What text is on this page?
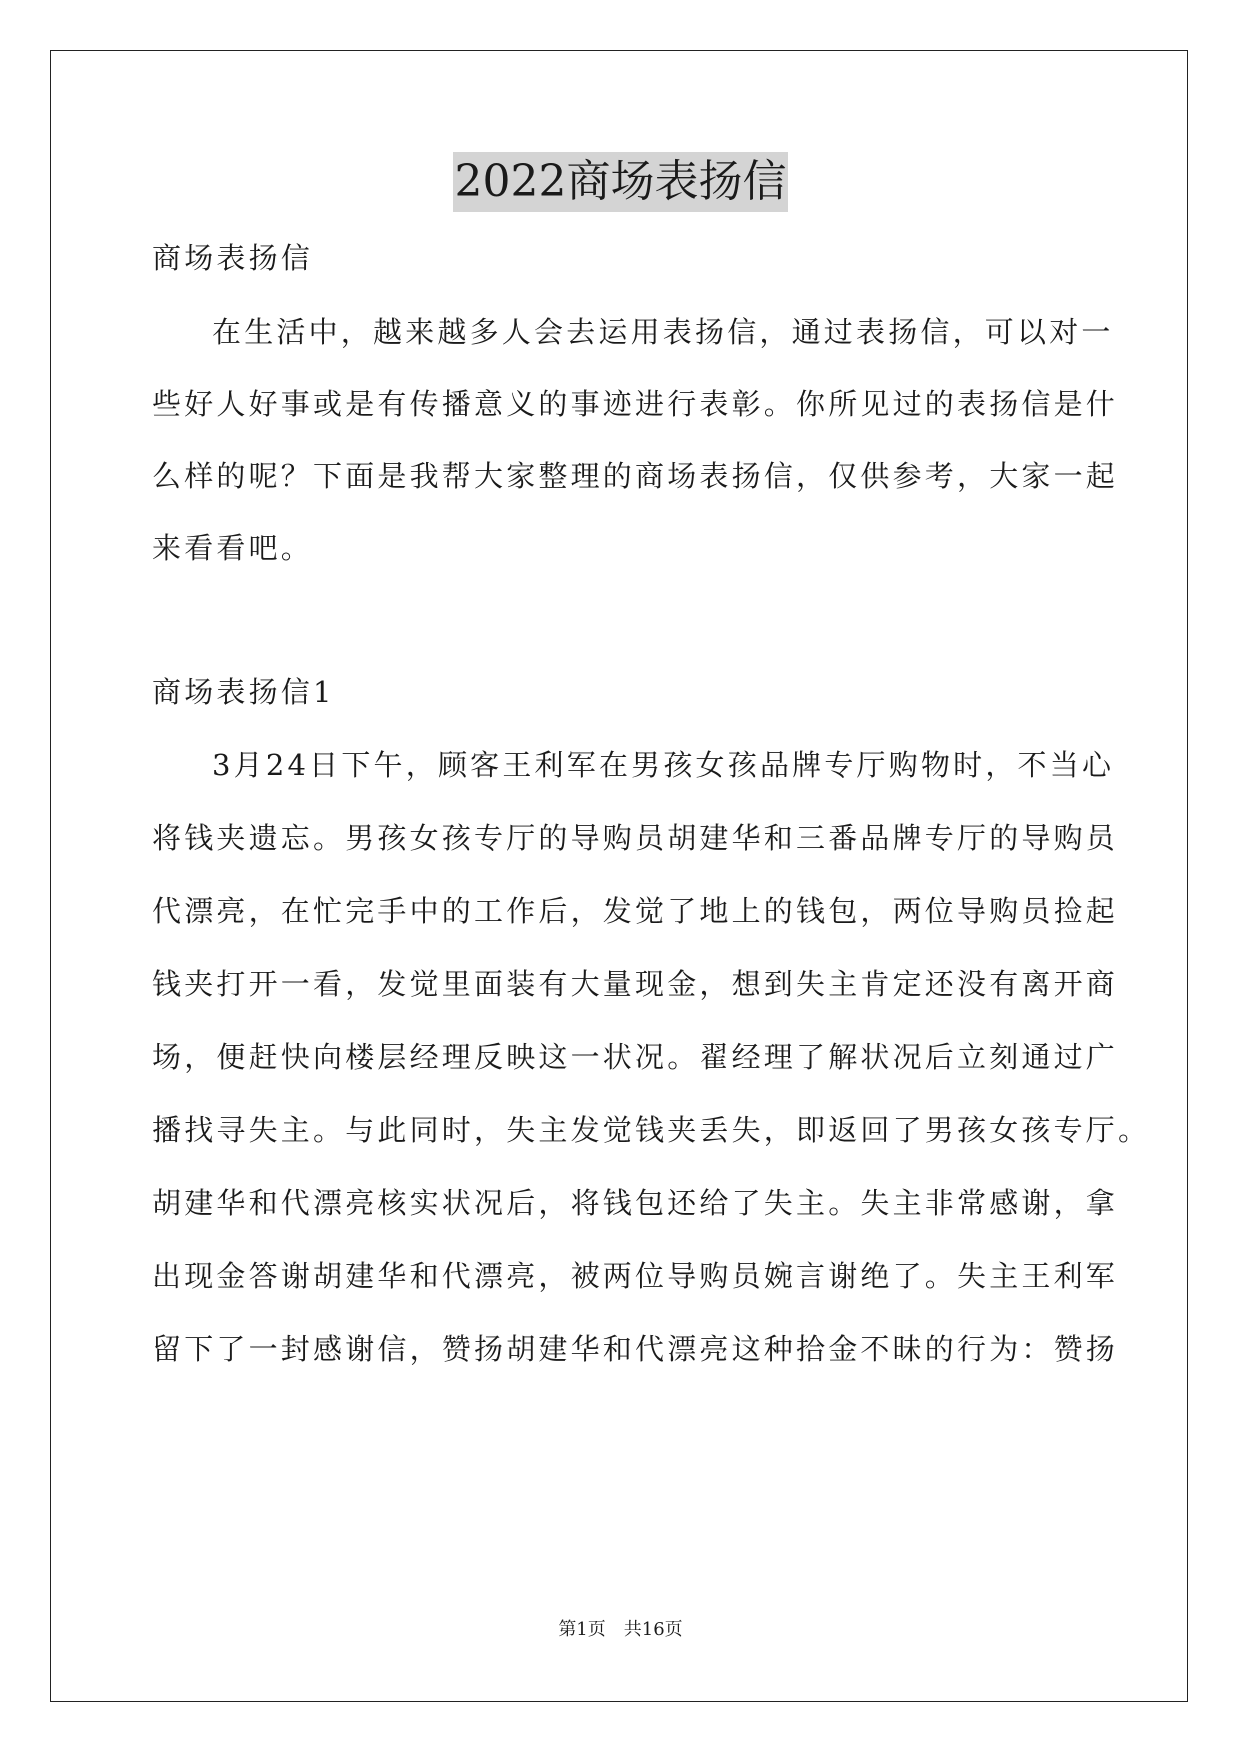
2022商场表扬信
商场表扬信
在生活中，越来越多人会去运用表扬信，通过表扬信，可以对一
些好人好事或是有传播意义的事迹进行表彰。你所见过的表扬信是什
么样的呢？下面是我帮大家整理的商场表扬信，仅供参考，大家一起
来看看吧。
商场表扬信1
3月24日下午，顾客王利军在男孩女孩品牌专厅购物时，不当心
将钱夹遗忘。男孩女孩专厅的导购员胡建华和三番品牌专厅的导购员
代漂亮，在忙完手中的工作后，发觉了地上的钱包，两位导购员捡起
钱夹打开一看，发觉里面装有大量现金，想到失主肯定还没有离开商
场，便赶快向楼层经理反映这一状况。翟经理了解状况后立刻通过广
播找寻失主。与此同时，失主发觉钱夹丢失，即返回了男孩女孩专厅。
胡建华和代漂亮核实状况后，将钱包还给了失主。失主非常感谢，拿
出现金答谢胡建华和代漂亮，被两位导购员婉言谢绝了。失主王利军
留下了一封感谢信，赞扬胡建华和代漂亮这种拾金不昧的行为：赞扬
第1页　共16页
